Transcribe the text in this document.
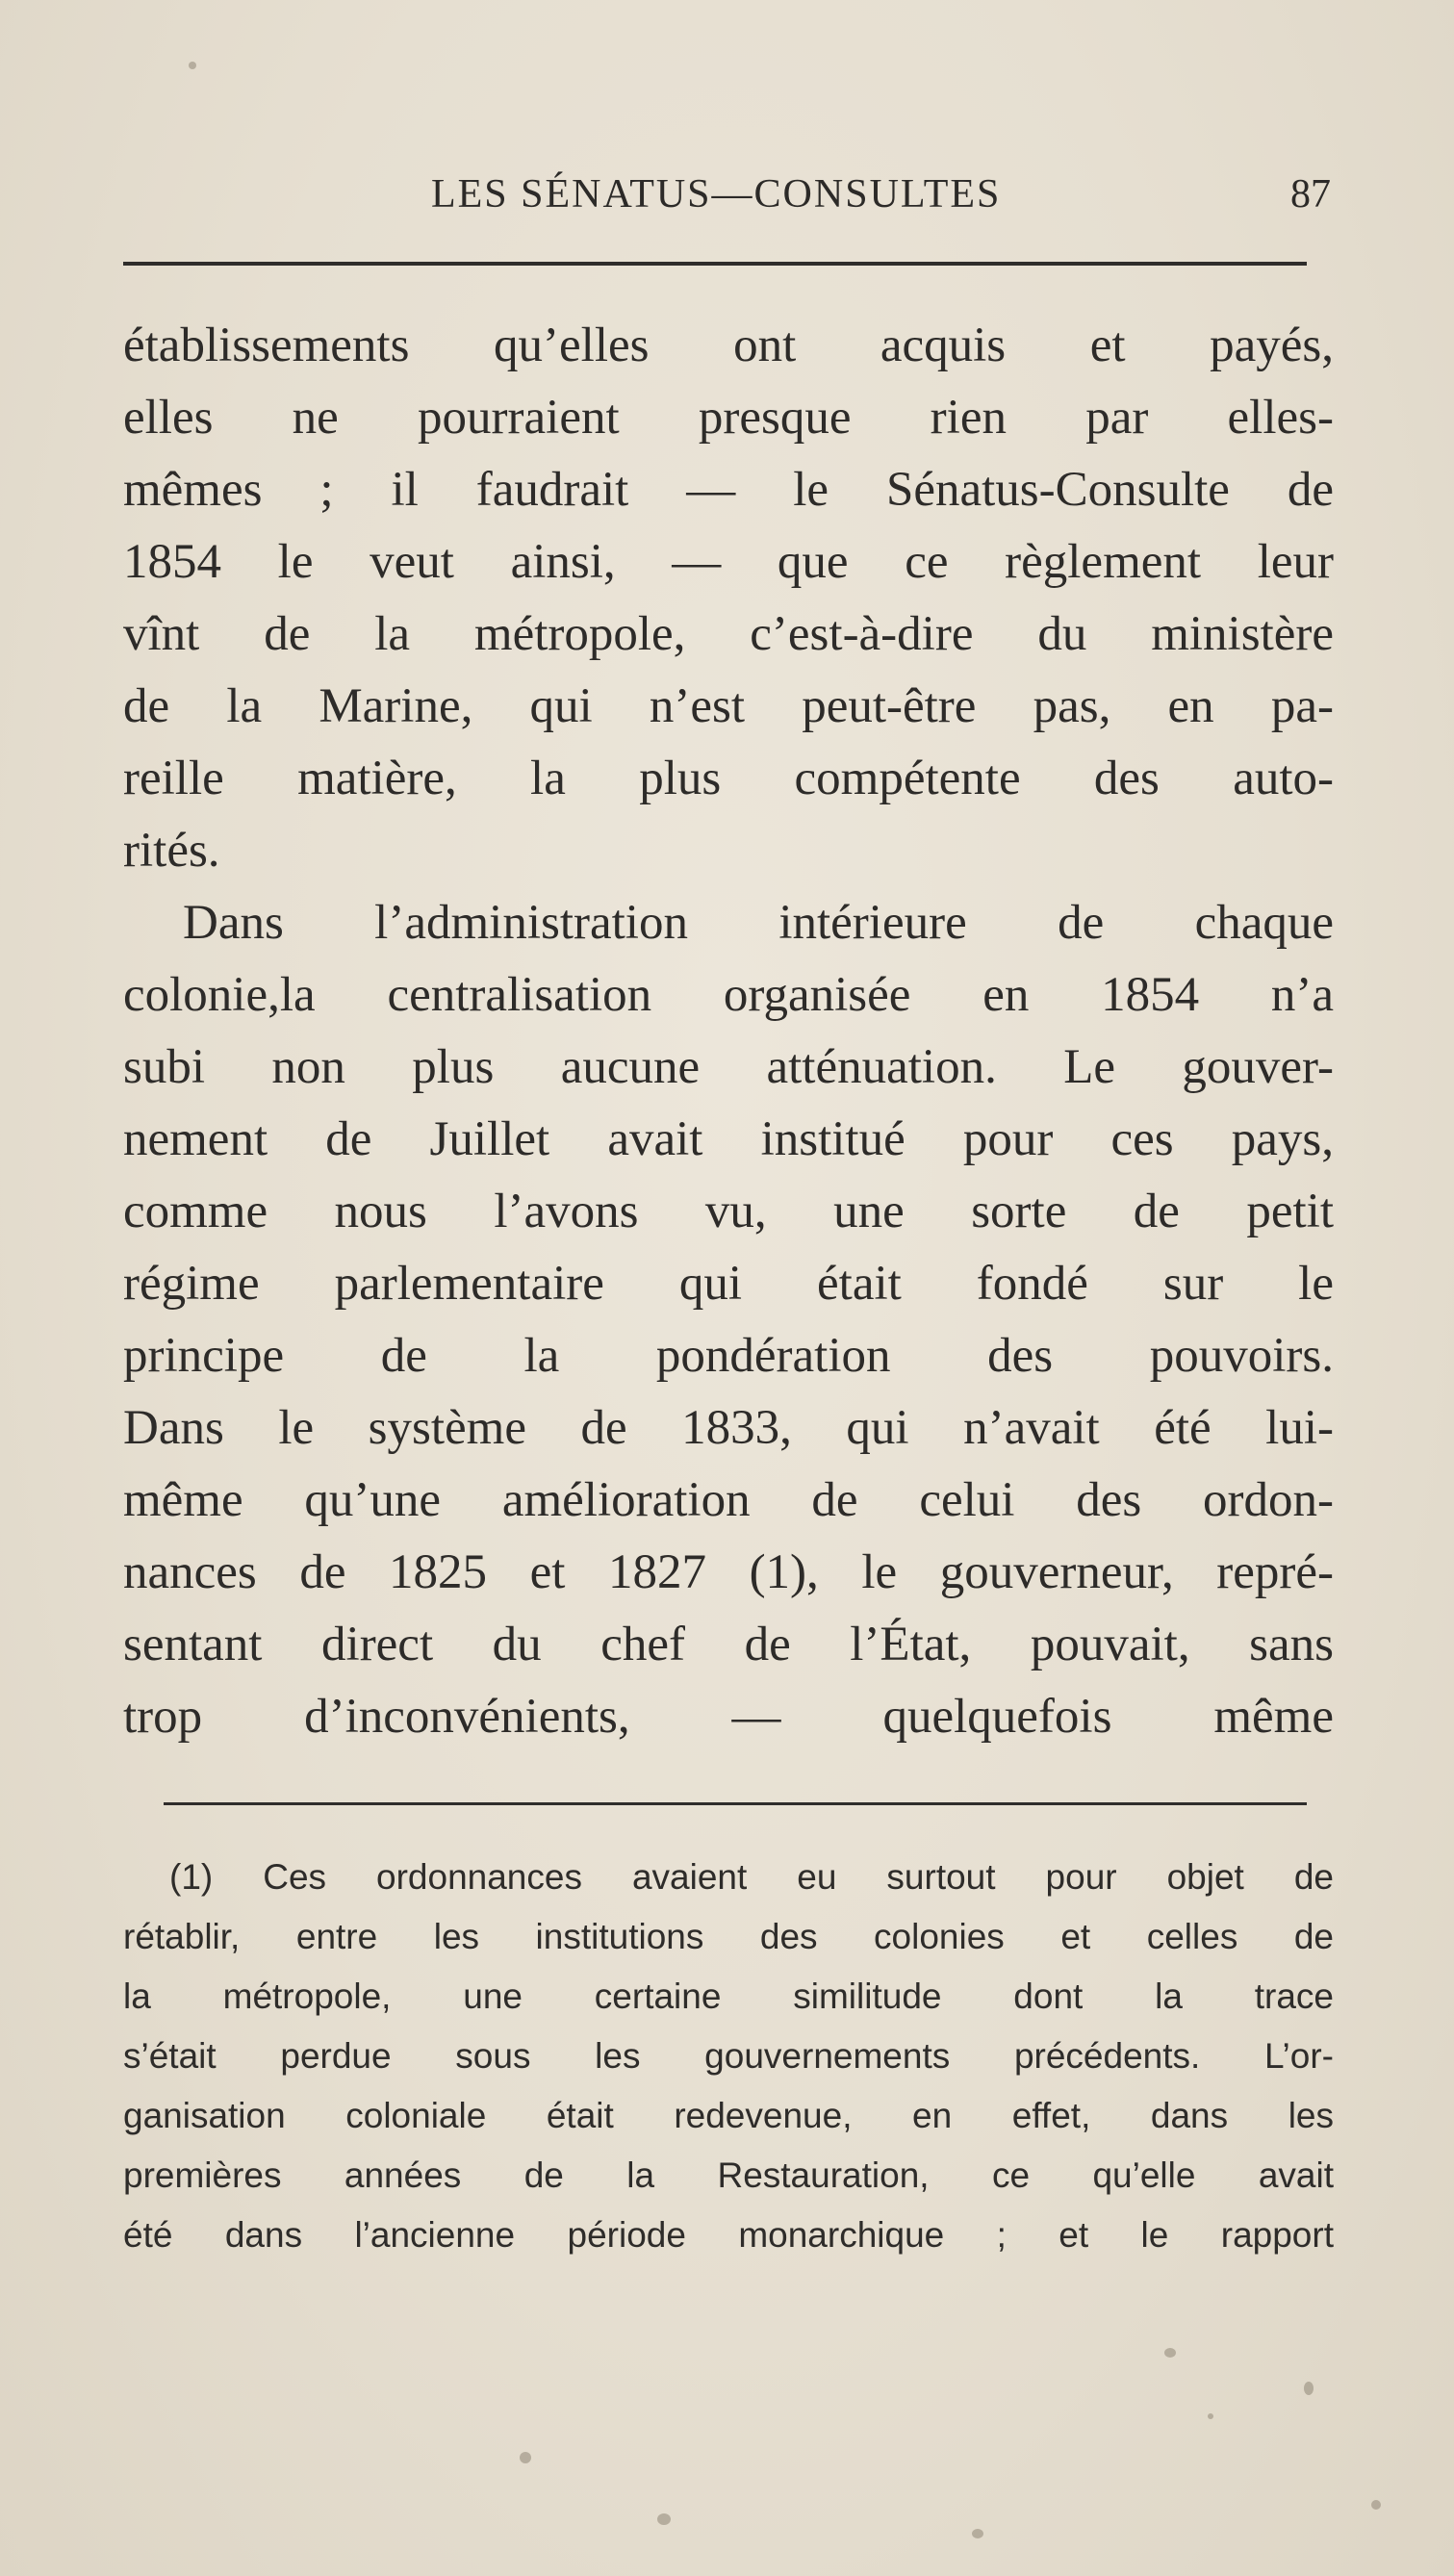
LES SÉNATUS—CONSULTES	87
établissements qu’elles ont acquis et payés,
elles ne pourraient presque rien par elles-
mêmes ; il faudrait — le Sénatus-Consulte de
1854 le veut ainsi, — que ce règlement leur
vînt de la métropole, c’est-à-dire du ministère
de la Marine, qui n’est peut-être pas, en pa-
reille matière, la plus compétente des auto-
rités.
Dans l’administration intérieure de chaque
colonie,la centralisation organisée en 1854 n’a
subi non plus aucune atténuation. Le gouver-
nement de Juillet avait institué pour ces pays,
comme nous l’avons vu, une sorte de petit
régime parlementaire qui était fondé sur le
principe de la pondération des pouvoirs.
Dans le système de 1833, qui n’avait été lui-
même qu’une amélioration de celui des ordon-
nances de 1825 et 1827 (1), le gouverneur, repré-
sentant direct du chef de l’État, pouvait, sans
trop d’inconvénients, — quelquefois même
(1) Ces ordonnances avaient eu surtout pour objet de
rétablir, entre les institutions des colonies et celles de
la métropole, une certaine similitude dont la trace
s’était perdue sous les gouvernements précédents. L’or-
ganisation coloniale était redevenue, en effet, dans les
premières années de la Restauration, ce qu’elle avait
été dans l’ancienne période monarchique ; et le rapport
